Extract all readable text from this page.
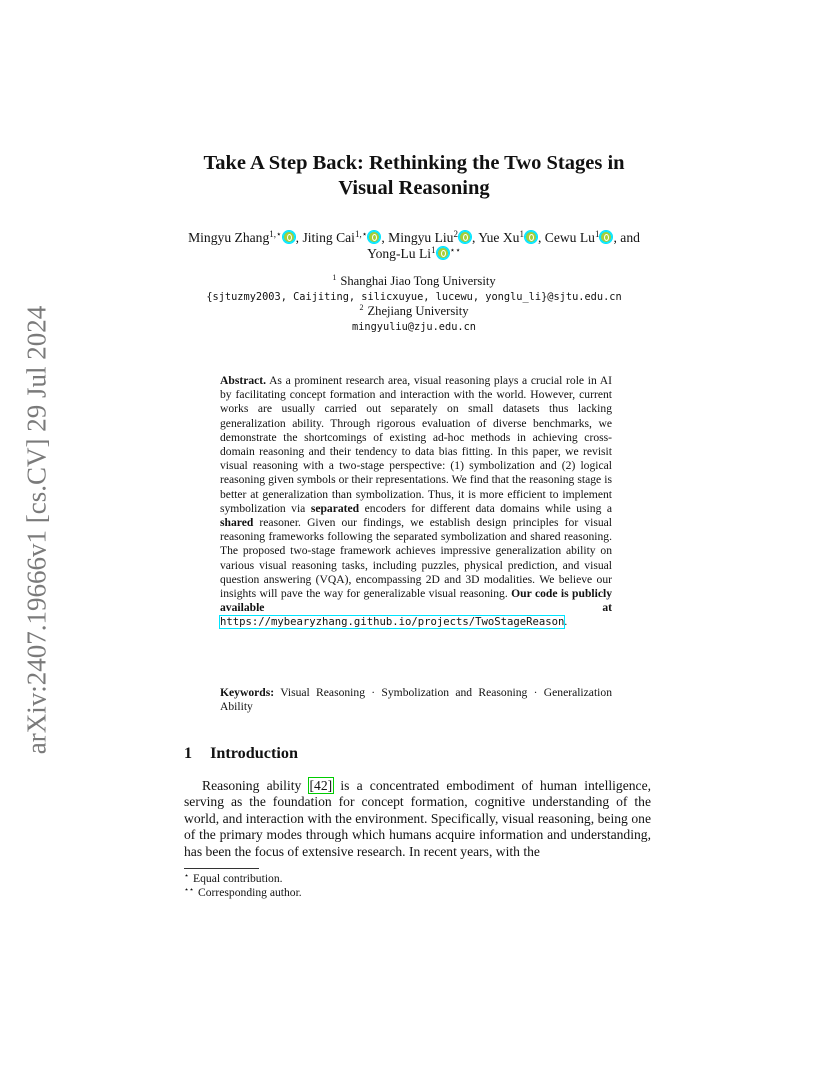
arXiv:2407.19666v1 [cs.CV] 29 Jul 2024
Take A Step Back: Rethinking the Two Stages in
Visual Reasoning
Mingyu Zhang$^{1,⋆}$ , Jiting Cai$^{1,⋆}$ , Mingyu Liu$^2$ , Yue Xu$^1$ , Cewu Lu$^1$ , and
Yong-Lu Li$^1$ ⋆⋆
$^1$ Shanghai Jiao Tong University
{sjtuzmy2003, Caijiting, silicxuyue, lucewu, yonglu_li}@sjtu.edu.cn
$^2$ Zhejiang University
mingyuliu@zju.edu.cn
Abstract. As a prominent research area, visual reasoning plays a crucial role in AI by facilitating concept formation and interaction with the world. However, current works are usually carried out separately on small datasets thus lacking generalization ability. Through rigorous evaluation of diverse benchmarks, we demonstrate the shortcomings of existing ad-hoc methods in achieving cross-domain reasoning and their tendency to data bias fitting. In this paper, we revisit visual reasoning with a two-stage perspective: (1) symbolization and (2) logical reasoning given symbols or their representations. We find that the reasoning stage is better at generalization than symbolization. Thus, it is more efficient to implement symbolization via separated encoders for different data domains while using a shared reasoner. Given our findings, we establish design principles for visual reasoning frameworks following the separated symbolization and shared reasoning. The proposed two-stage framework achieves impressive generalization ability on various visual reasoning tasks, including puzzles, physical prediction, and visual question answering (VQA), encompassing 2D and 3D modalities. We believe our insights will pave the way for generalizable visual reasoning. Our code is publicly available at https://mybearyzhang.github.io/projects/TwoStageReason.
Keywords: Visual Reasoning · Symbolization and Reasoning · Generalization Ability
1 Introduction
Reasoning ability [42] is a concentrated embodiment of human intelligence, serving as the foundation for concept formation, cognitive understanding of the world, and interaction with the environment. Specifically, visual reasoning, being one of the primary modes through which humans acquire information and understanding, has been the focus of extensive research. In recent years, with the
⋆ Equal contribution.
⋆⋆ Corresponding author.
